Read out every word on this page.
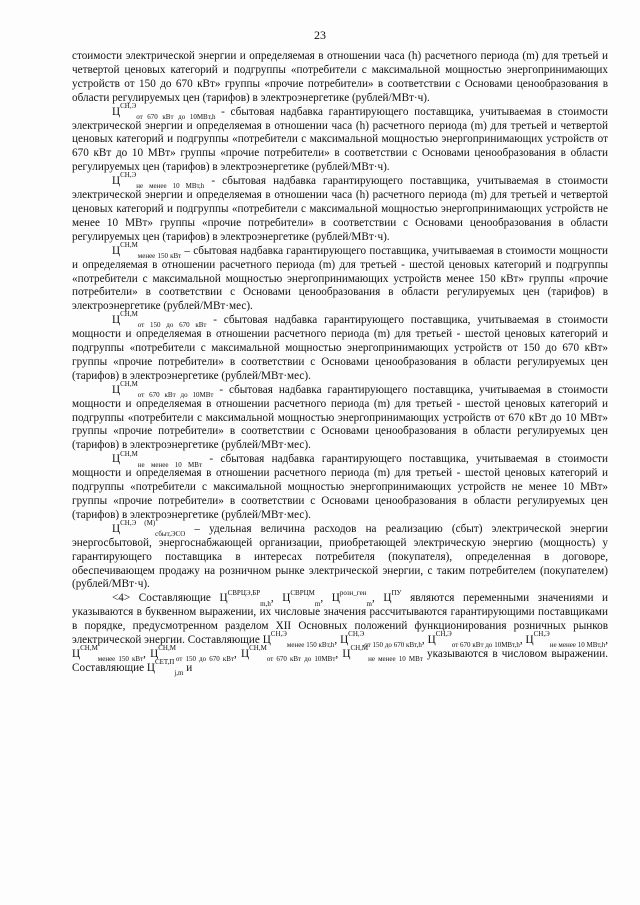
23

стоимости электрической энергии и определяемая в отношении часа (h) расчетного периода (m) для третьей и четвертой ценовых категорий и подгруппы «потребители с максимальной мощностью энергопринимающих устройств от 150 до 670 кВт» группы «прочие потребители» в соответствии с Основами ценообразования в области регулируемых цен (тарифов) в электроэнергетике (рублей/МВт·ч).

$Ц^{СН,Э}_{от 670 кВт до 10МВт,h}$ - сбытовая надбавка гарантирующего поставщика, учитываемая в стоимости электрической энергии и определяемая в отношении часа (h) расчетного периода (m) для третьей и четвертой ценовых категорий и подгруппы «потребители с максимальной мощностью энергопринимающих устройств от 670 кВт до 10 МВт» группы «прочие потребители» в соответствии с Основами ценообразования в области регулируемых цен (тарифов) в электроэнергетике (рублей/МВт·ч).

$Ц^{СН,Э}_{не менее 10 МВт,h}$ - сбытовая надбавка гарантирующего поставщика, учитываемая в стоимости электрической энергии и определяемая в отношении часа (h) расчетного периода (m) для третьей и четвертой ценовых категорий и подгруппы «потребители с максимальной мощностью энергопринимающих устройств не менее 10 МВт» группы «прочие потребители» в соответствии с Основами ценообразования в области регулируемых цен (тарифов) в электроэнергетике (рублей/МВт·ч).

$Ц^{СН,М}_{менее 150 кВт}$ – сбытовая надбавка гарантирующего поставщика, учитываемая в стоимости мощности и определяемая в отношении расчетного периода (m) для третьей - шестой ценовых категорий и подгруппы «потребители с максимальной мощностью энергопринимающих устройств менее 150 кВт» группы «прочие потребители» в соответствии с Основами ценообразования в области регулируемых цен (тарифов) в электроэнергетике (рублей/МВт·мес).

$Ц^{СН,М}_{от 150 до 670 кВт}$ - сбытовая надбавка гарантирующего поставщика, учитываемая в стоимости мощности и определяемая в отношении расчетного периода (m) для третьей - шестой ценовых категорий и подгруппы «потребители с максимальной мощностью энергопринимающих устройств от 150 до 670 кВт» группы «прочие потребители» в соответствии с Основами ценообразования в области регулируемых цен (тарифов) в электроэнергетике (рублей/МВт·мес).

$Ц^{СН,М}_{от 670 кВт до 10МВт}$ - сбытовая надбавка гарантирующего поставщика, учитываемая в стоимости мощности и определяемая в отношении расчетного периода (m) для третьей - шестой ценовых категорий и подгруппы «потребители с максимальной мощностью энергопринимающих устройств от 670 кВт до 10 МВт» группы «прочие потребители» в соответствии с Основами ценообразования в области регулируемых цен (тарифов) в электроэнергетике (рублей/МВт·мес).

$Ц^{СН,М}_{не менее 10 МВт}$ - сбытовая надбавка гарантирующего поставщика, учитываемая в стоимости мощности и определяемая в отношении расчетного периода (m) для третьей - шестой ценовых категорий и подгруппы «потребители с максимальной мощностью энергопринимающих устройств не менее 10 МВт» группы «прочие потребители» в соответствии с Основами ценообразования в области регулируемых цен (тарифов) в электроэнергетике (рублей/МВт·мес).

$Ц^{СН,Э (М)}_{сбыт,ЭСО}$ – удельная величина расходов на реализацию (сбыт) электрической энергии энергосбытовой, энергоснабжающей организации, приобретающей электрическую энергию (мощность) у гарантирующего поставщика в интересах потребителя (покупателя), определенная в договоре, обеспечивающем продажу на розничном рынке электрической энергии, с таким потребителем (покупателем) (рублей/МВт·ч).

<4> Составляющие $Ц^{СВРЦЭ,БР}_{m,h}$, $Ц^{СВРЦМ}_m$, $Ц^{розн\_ген}_m$, $Ц^{ПУ}$ являются переменными значениями и указываются в буквенном выражении, их числовые значения рассчитываются гарантирующими поставщиками в порядке, предусмотренном разделом XII Основных положений функционирования розничных рынков электрической энергии. Составляющие $Ц^{СН,Э}_{менее 150 кВт,h}$, $Ц^{СН,Э}_{от 150 до 670 кВт,h}$, $Ц^{СН,Э}_{от 670 кВт до 10МВт,h}$, $Ц^{СН,Э}_{не менее 10 МВт,h}$, $Ц^{СН,М}_{менее 150 кВт}$, $Ц^{СН,М}_{от 150 до 670 кВт}$, $Ц^{СН,М}_{от 670 кВт до 10МВт}$, $Ц^{СН,М}_{не менее 10 МВт}$ указываются в числовом выражении. Составляющие $Ц^{СЕТ,П}_{j,m}$ и
